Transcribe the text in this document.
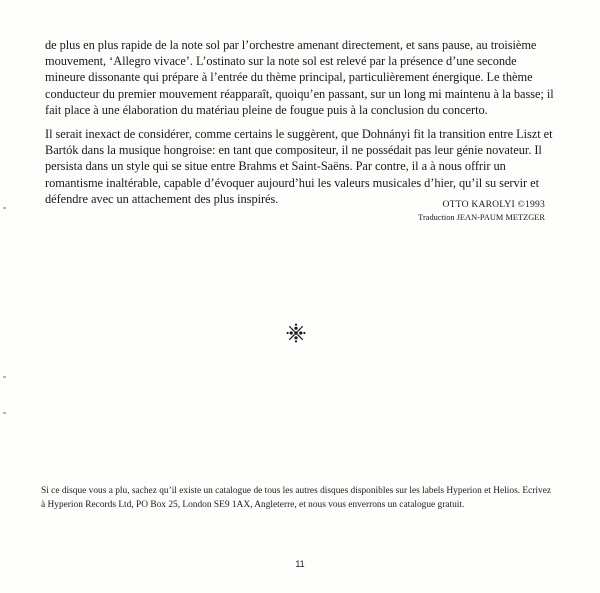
de plus en plus rapide de la note sol par l’orchestre amenant directement, et sans pause, au troisième mouvement, ‘Allegro vivace’. L’ostinato sur la note sol est relevé par la présence d’une seconde mineure dissonante qui prépare à l’entrée du thème principal, particulièrement énergique. Le thème conducteur du premier mouvement réapparaît, quoiqu’en passant, sur un long mi maintenu à la basse; il fait place à une élaboration du matériau pleine de fougue puis à la conclusion du concerto.

Il serait inexact de considérer, comme certains le suggèrent, que Dohnányi fit la transition entre Liszt et Bartók dans la musique hongroise: en tant que compositeur, il ne possédait pas leur génie novateur. Il persista dans un style qui se situe entre Brahms et Saint-Saëns. Par contre, il a à nous offrir un romantisme inaltérable, capable d’évoquer aujourd’hui les valeurs musicales d’hier, qu’il su servir et défendre avec un attachement des plus inspirés.	OTTO KAROLYI ©1993
Traduction JEAN-PAUM METZGER

Si ce disque vous a plu, sachez qu’il existe un catalogue de tous les autres disques disponibles sur les labels Hyperion et Helios. Ecrivez à Hyperion Records Ltd, PO Box 25, London SE9 1AX, Angleterre, et nous vous enverrons un catalogue gratuit.

11
